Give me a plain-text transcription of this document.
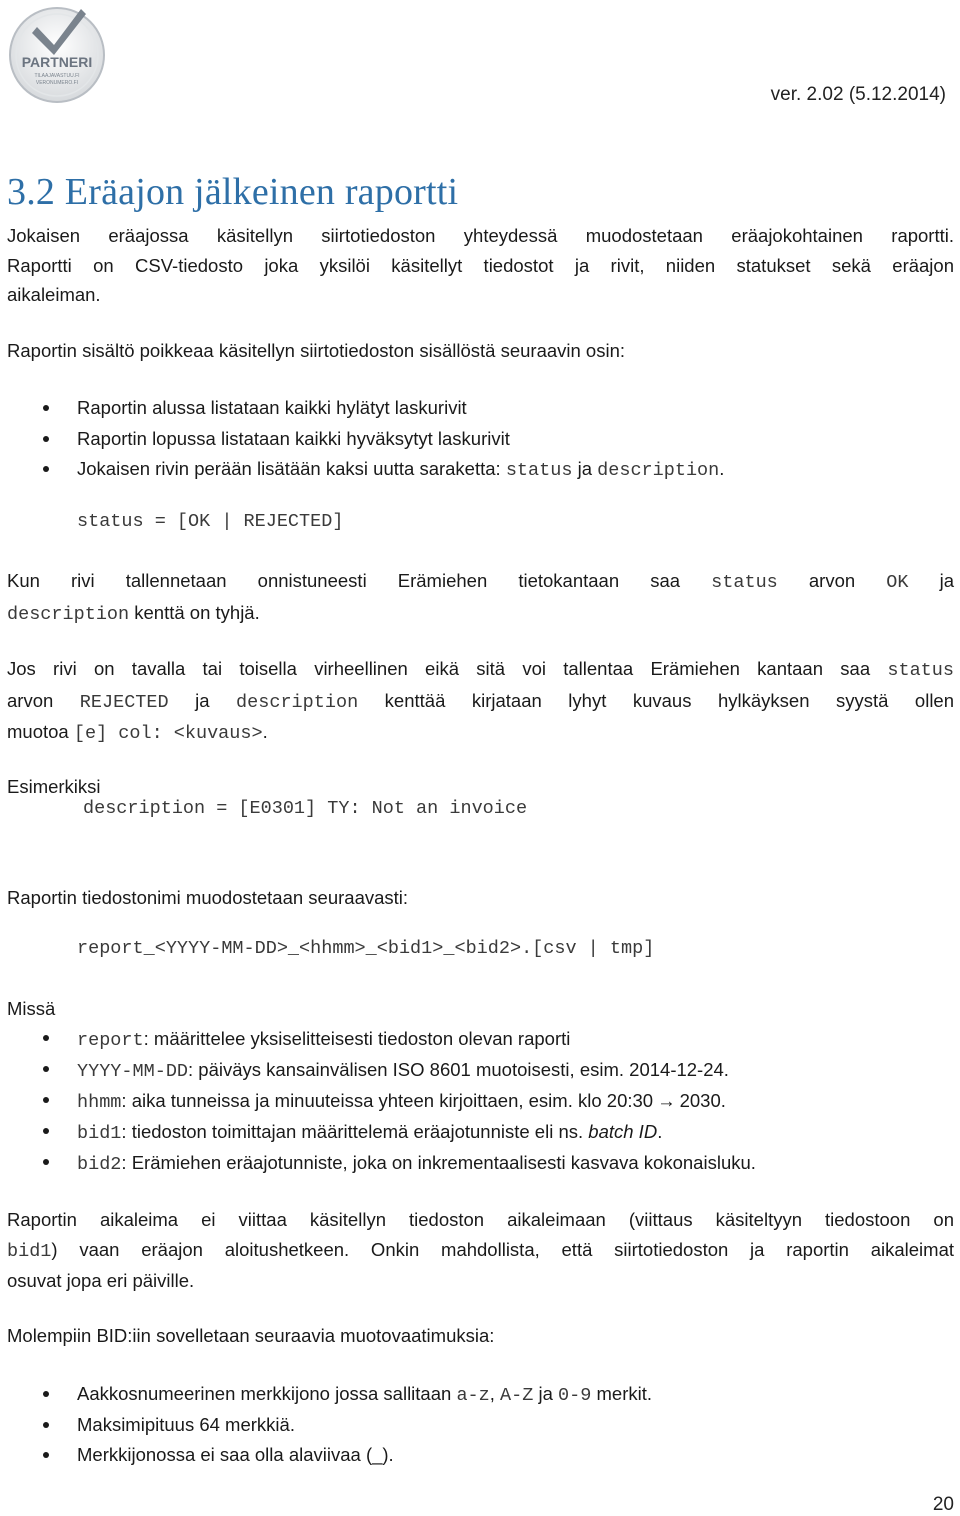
PARTNERI
TILAAJAVASTUU.FI
VERONUMERO.FI
ver. 2.02 (5.12.2014)
3.2 Eräajon jälkeinen raportti
Jokaisen eräajossa käsitellyn siirtotiedoston yhteydessä muodostetaan eräajokohtainen raportti.
Raportti on CSV-tiedosto joka yksilöi käsitellyt tiedostot ja rivit, niiden statukset sekä eräajon
aikaleiman.
Raportin sisältö poikkeaa käsitellyn siirtotiedoston sisällöstä seuraavin osin:
Raportin alussa listataan kaikki hylätyt laskurivit
Raportin lopussa listataan kaikki hyväksytyt laskurivit
Jokaisen rivin perään lisätään kaksi uutta saraketta: status ja description.
status = [OK | REJECTED]
Kun rivi tallennetaan onnistuneesti Erämiehen tietokantaan saa status arvon OK ja
description kenttä on tyhjä.
Jos rivi on tavalla tai toisella virheellinen eikä sitä voi tallentaa Erämiehen kantaan saa status
arvon REJECTED ja description kenttää kirjataan lyhyt kuvaus hylkäyksen syystä ollen
muotoa [e] col: <kuvaus>.
Esimerkiksi
description = [E0301] TY: Not an invoice
Raportin tiedostonimi muodostetaan seuraavasti:
report_<YYYY-MM-DD>_<hhmm>_<bid1>_<bid2>.[csv | tmp]
Missä
report: määrittelee yksiselitteisesti tiedoston olevan raporti
YYYY-MM-DD: päiväys kansainvälisen ISO 8601 muotoisesti, esim. 2014-12-24.
hhmm: aika tunneissa ja minuuteissa yhteen kirjoittaen, esim. klo 20:30 → 2030.
bid1: tiedoston toimittajan määrittelemä eräajotunniste eli ns. batch ID.
bid2: Erämiehen eräajotunniste, joka on inkrementaalisesti kasvava kokonaisluku.
Raportin aikaleima ei viittaa käsitellyn tiedoston aikaleimaan (viittaus käsiteltyyn tiedostoon on
bid1) vaan eräajon aloitushetkeen. Onkin mahdollista, että siirtotiedoston ja raportin aikaleimat
osuvat jopa eri päiville.
Molempiin BID:iin sovelletaan seuraavia muotovaatimuksia:
Aakkosnumeerinen merkkijono jossa sallitaan a-z, A-Z ja 0-9 merkit.
Maksimipituus 64 merkkiä.
Merkkijonossa ei saa olla alaviivaa (_).
20
